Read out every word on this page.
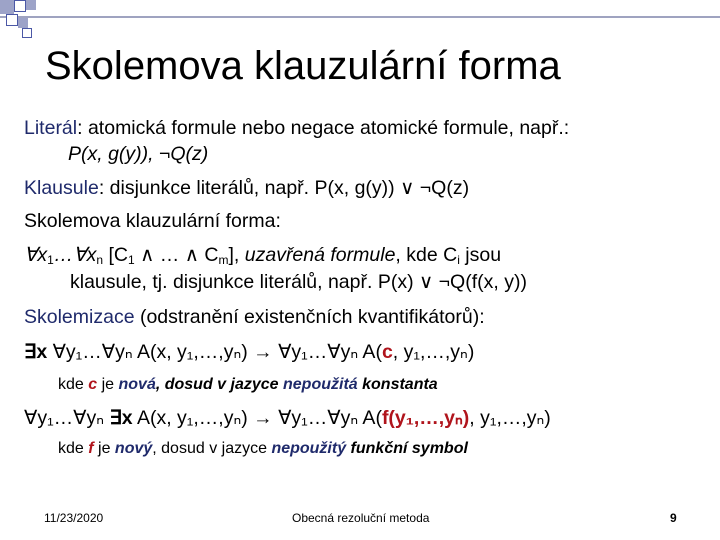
Skolemova klauzulární forma
Literál: atomická formule nebo negace atomické formule, např.:
P(x, g(y)), ¬Q(z)
Klausule: disjunkce literálů, např. P(x, g(y)) ∨ ¬Q(z)
Skolemova klauzulární forma:
$\forall x_1\dots\forall x_n$ [$C_1$ ∧ … ∧ $C_m$], uzavřená formule, kde $C_i$ jsou
klausule, tj. disjunkce literálů, např. P(x) ∨ ¬Q(f(x, y))
Skolemizace (odstranění existenčních kvantifikátorů):
∃x ∀y₁…∀yₙ A(x, y₁,…,yₙ) → ∀y₁…∀yₙ A(c, y₁,…,yₙ)
kde c je nová, dosud v jazyce nepoužitá konstanta
∀y₁…∀yₙ ∃x A(x, y₁,…,yₙ) → ∀y₁…∀yₙ A(f(y₁,…,yₙ), y₁,…,yₙ)
kde f je nový, dosud v jazyce nepoužitý funkční symbol
11/23/2020	Obecná rezoluční metoda	9
